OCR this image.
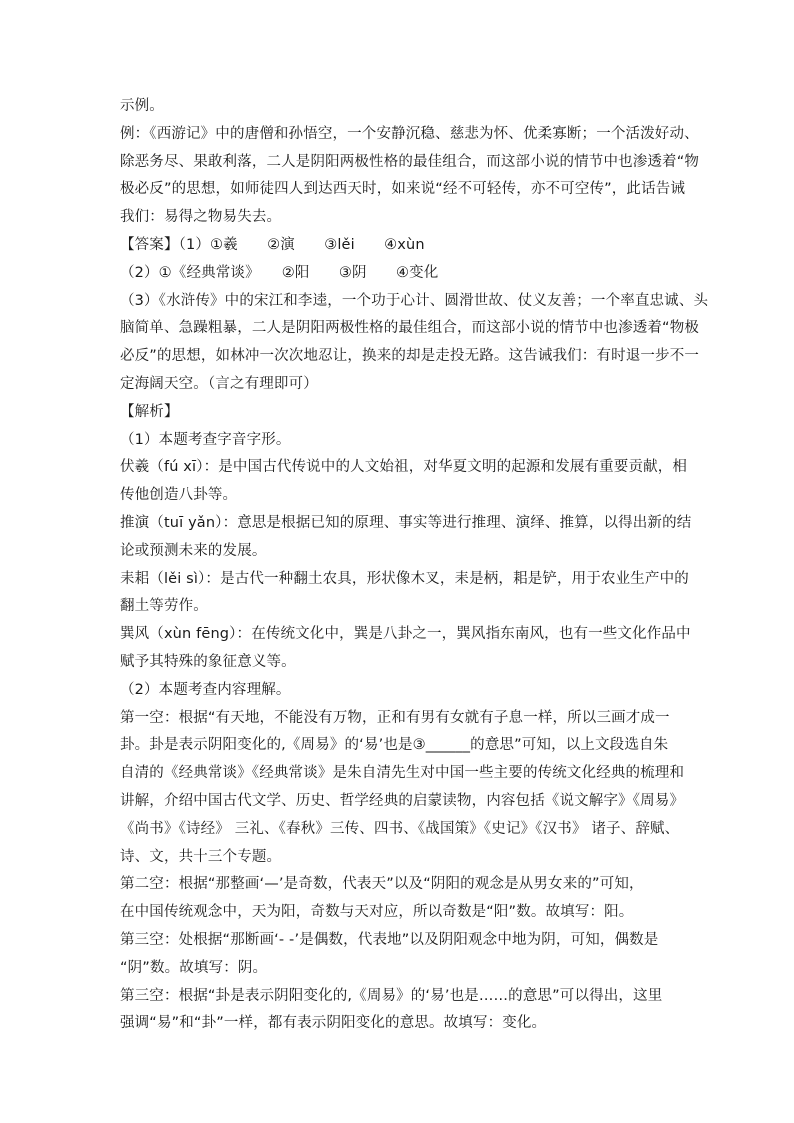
示例。
例：《西游记》中的唐僧和孙悟空，一个安静沉稳、慈悲为怀、优柔寡断；一个活泼好动、
除恶务尽、果敢利落，二人是阴阳两极性格的最佳组合，而这部小说的情节中也渗透着“物
极必反”的思想，如师徒四人到达西天时，如来说“经不可轻传，亦不可空传”，此话告诫
我们：易得之物易失去。
【答案】（1）①羲　　②演　　③lěi　　④xùn
（2）①《经典常谈》　　②阳　　③阴　　④变化
（3）《水浒传》中的宋江和李逵，一个功于心计、圆滑世故、仗义友善；一个率直忠诚、头
脑简单、急躁粗暴，二人是阴阳两极性格的最佳组合，而这部小说的情节中也渗透着“物极
必反”的思想，如林冲一次次地忍让，换来的却是走投无路。这告诫我们：有时退一步不一
定海阔天空。（言之有理即可）
【解析】
（1）本题考查字音字形。
伏羲（fú xī）：是中国古代传说中的人文始祖，对华夏文明的起源和发展有重要贡献，相
传他创造八卦等。
推演（tuī yǎn）：意思是根据已知的原理、事实等进行推理、演绎、推算，以得出新的结
论或预测未来的发展。
耒耜（lěi sì）：是古代一种翻土农具，形状像木叉，耒是柄，耜是铲，用于农业生产中的
翻土等劳作。
巽风（xùn fēng）：在传统文化中，巽是八卦之一，巽风指东南风，也有一些文化作品中
赋予其特殊的象征意义等。
（2）本题考查内容理解。
第一空：根据“有天地，不能没有万物，正和有男有女就有子息一样，所以三画才成一
卦。卦是表示阴阳变化的,《周易》的‘易’也是③______的意思”可知，以上文段选自朱
自清的《经典常谈》《经典常谈》是朱自清先生对中国一些主要的传统文化经典的梳理和
讲解，介绍中国古代文学、历史、哲学经典的启蒙读物，内容包括《说文解字》《周易》
《尚书》《诗经》 三礼、《春秋》三传、四书、《战国策》《史记》《汉书》 诸子、辞赋、
诗、文，共十三个专题。
第二空：根据“那整画‘—’是奇数，代表天”以及“阴阳的观念是从男女来的”可知，
在中国传统观念中，天为阳，奇数与天对应，所以奇数是“阳”数。故填写：阳。
第三空：处根据“那断画‘- -’是偶数，代表地”以及阴阳观念中地为阴，可知，偶数是
“阴”数。故填写：阴。
第三空：根据“卦是表示阴阳变化的,《周易》的‘易’也是……的意思”可以得出，这里
强调“易”和“卦”一样，都有表示阴阳变化的意思。故填写：变化。
